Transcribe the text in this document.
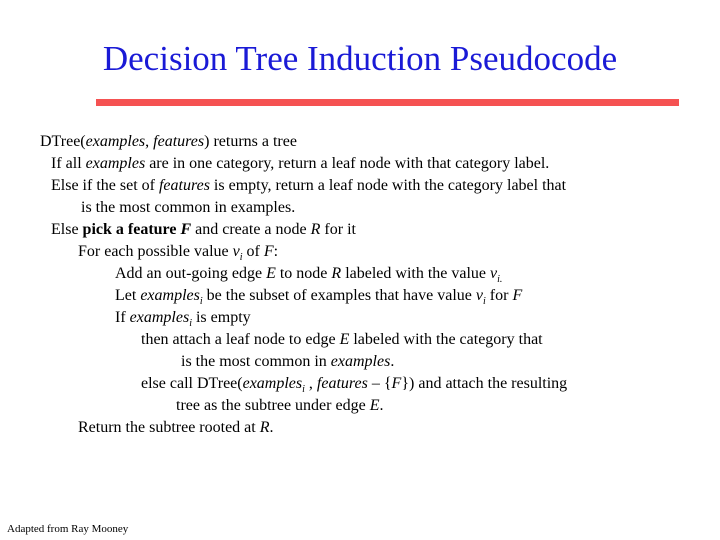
Decision Tree Induction Pseudocode
DTree(examples, features) returns a tree
If all examples are in one category, return a leaf node with that category label.
Else if the set of features is empty, return a leaf node with the category label that
is the most common in examples.
Else pick a feature F and create a node R for it
For each possible value $v_i$ of F:
Add an out-going edge E to node R labeled with the value $v_{i.}$
Let examples$_i$ be the subset of examples that have value $v_i$ for F
If examples$_i$ is empty
then attach a leaf node to edge E labeled with the category that
is the most common in examples.
else call DTree(examples$_i$ , features – {F}) and attach the resulting
tree as the subtree under edge E.
Return the subtree rooted at R.
Adapted from Ray Mooney
